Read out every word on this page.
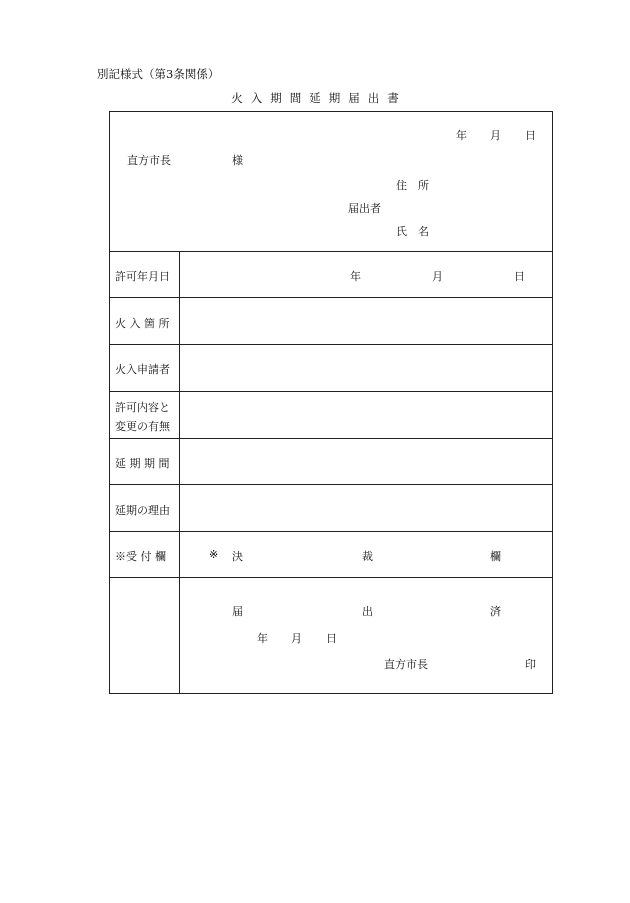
別記様式（第3条関係）
火 入 期 間 延 期 届 出 書
年 月 日
直方市長	様
住　所
届出者
氏　名
許可年月日	年	月	日
火 入 箇 所
火入申請者
許可内容と
変更の有無
延 期 期 間
延期の理由
※受 付 欄	※ 決	裁	欄
届	出	済
年 月 日
直方市長	印
